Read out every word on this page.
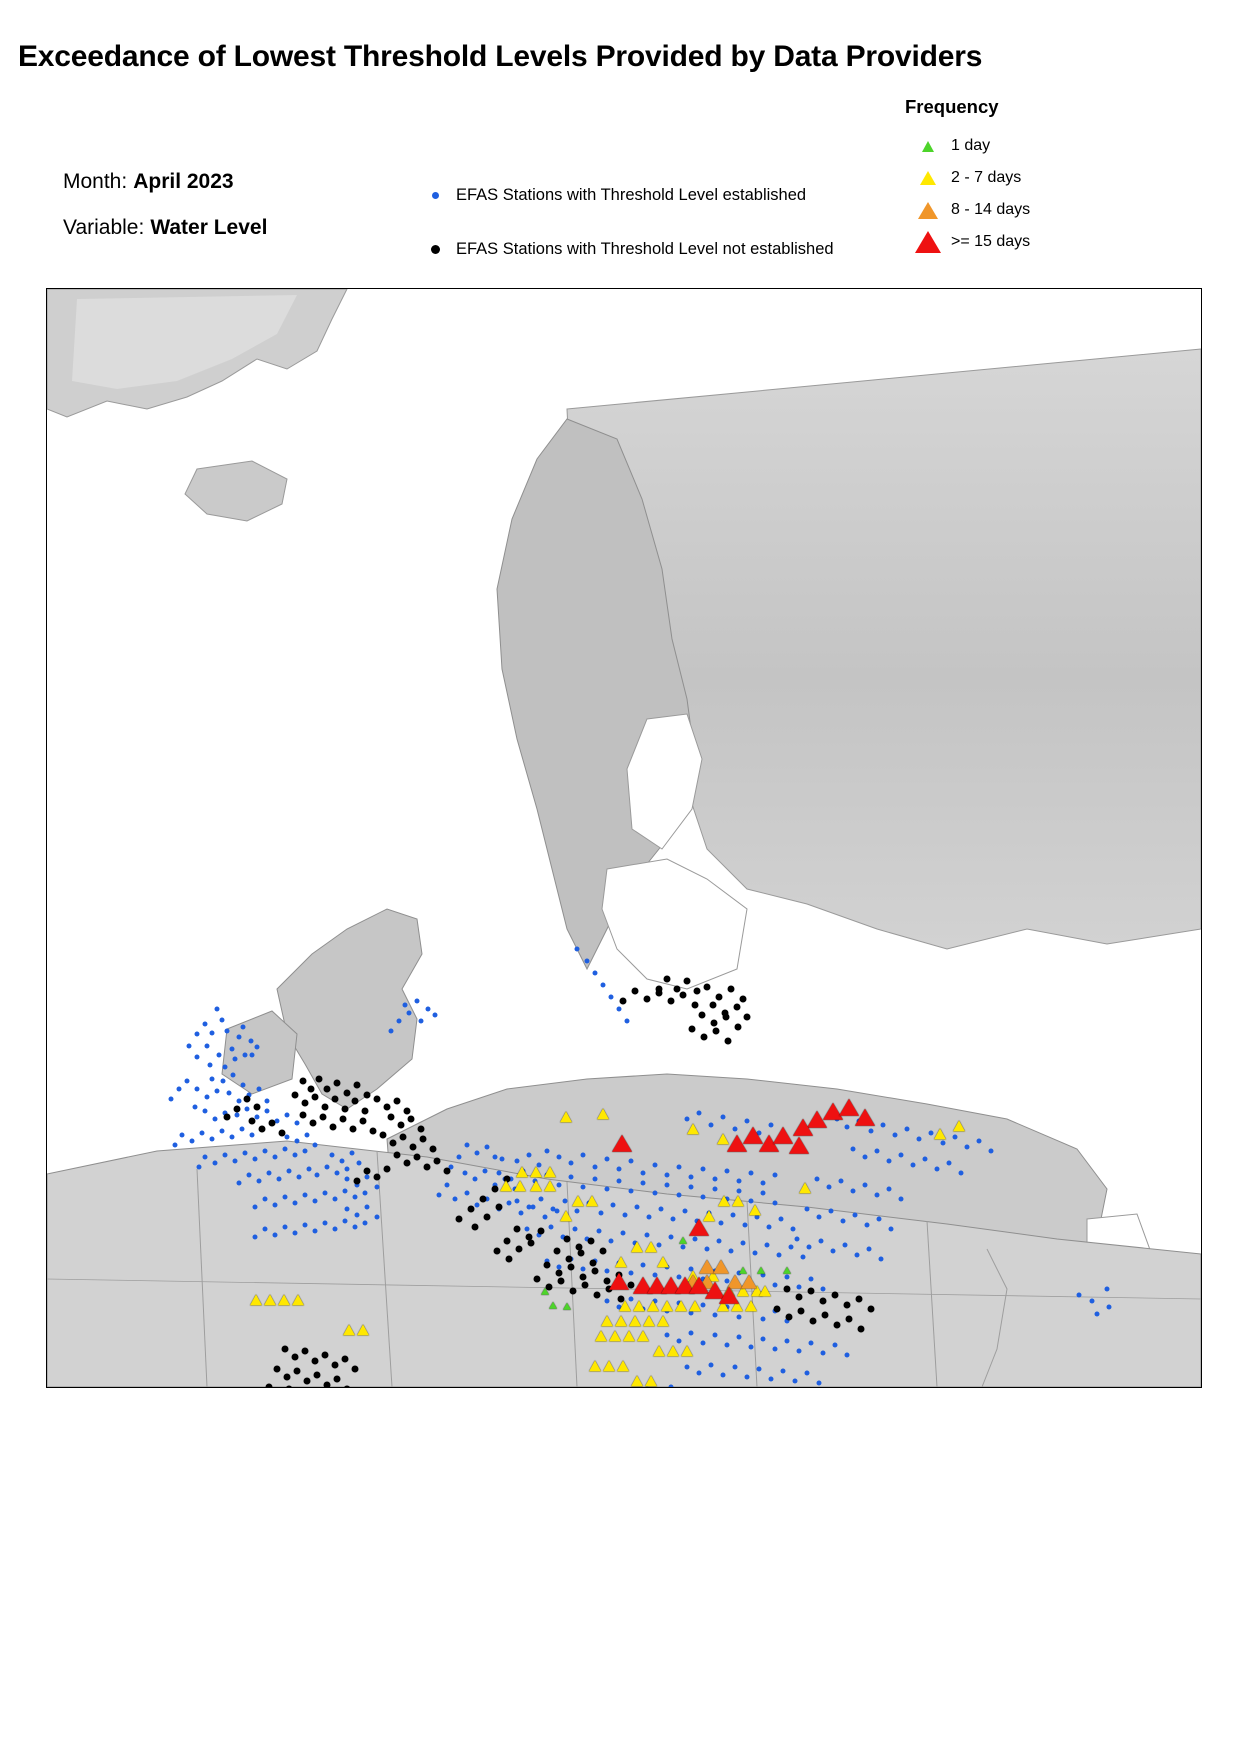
Exceedance of Lowest Threshold Levels Provided by Data Providers
Month: April 2023
Variable: Water Level
EFAS Stations with Threshold Level established
EFAS Stations with Threshold Level not established
Frequency
1 day
2 - 7 days
8 - 14 days
>= 15 days
